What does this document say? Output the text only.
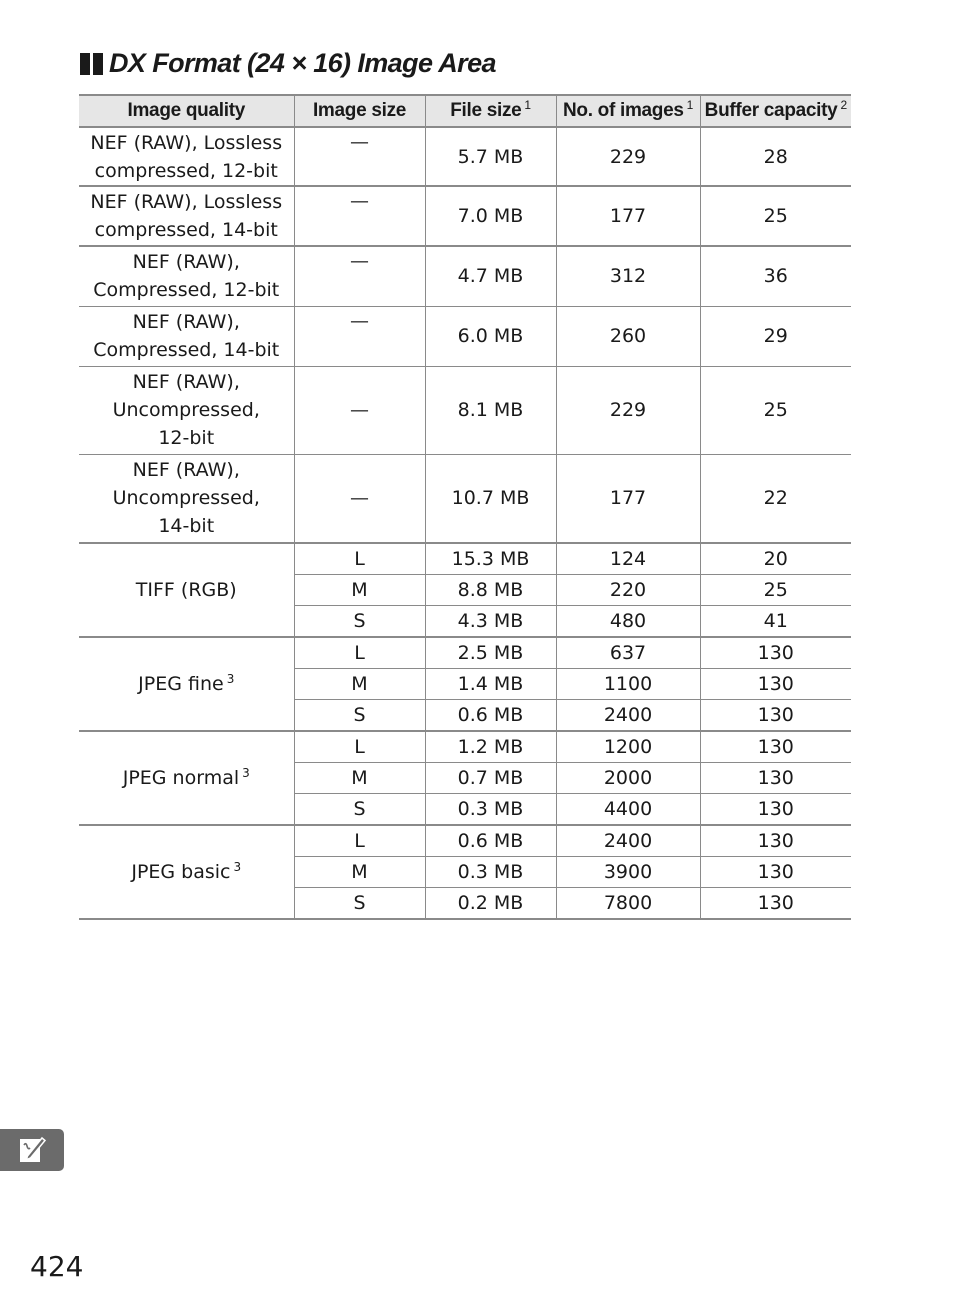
DX Format (24 × 16) Image Area
Image quality	Image size	File size $^1$	No. of images $^1$	Buffer capacity $^2$
NEF (RAW), Lossless compressed, 12-bit	—	5.7 MB	229	28
NEF (RAW), Lossless compressed, 14-bit	—	7.0 MB	177	25
NEF (RAW), Compressed, 12-bit	—	4.7 MB	312	36
NEF (RAW), Compressed, 14-bit	—	6.0 MB	260	29
NEF (RAW), Uncompressed, 12-bit	—	8.1 MB	229	25
NEF (RAW), Uncompressed, 14-bit	—	10.7 MB	177	22
TIFF (RGB)	L	15.3 MB	124	20
	M	8.8 MB	220	25
	S	4.3 MB	480	41
JPEG fine $^3$	L	2.5 MB	637	130
	M	1.4 MB	1100	130
	S	0.6 MB	2400	130
JPEG normal $^3$	L	1.2 MB	1200	130
	M	0.7 MB	2000	130
	S	0.3 MB	4400	130
JPEG basic $^3$	L	0.6 MB	2400	130
	M	0.3 MB	3900	130
	S	0.2 MB	7800	130
424
